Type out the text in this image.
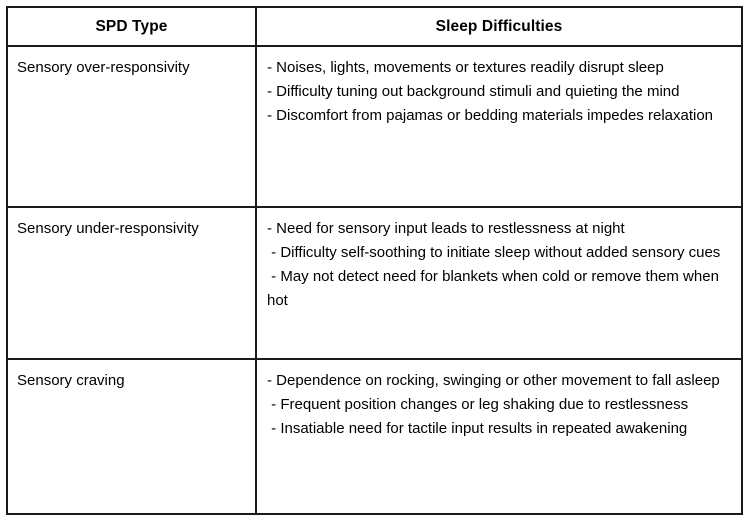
SPD Type	Sleep Difficulties
Sensory over-responsivity	- Noises, lights, movements or textures readily disrupt sleep
- Difficulty tuning out background stimuli and quieting the mind
- Discomfort from pajamas or bedding materials impedes relaxation

Sensory under-responsivity	- Need for sensory input leads to restlessness at night
- Difficulty self-soothing to initiate sleep without added sensory cues
- May not detect need for blankets when cold or remove them when hot

Sensory craving	- Dependence on rocking, swinging or other movement to fall asleep
- Frequent position changes or leg shaking due to restlessness
- Insatiable need for tactile input results in repeated awakening
